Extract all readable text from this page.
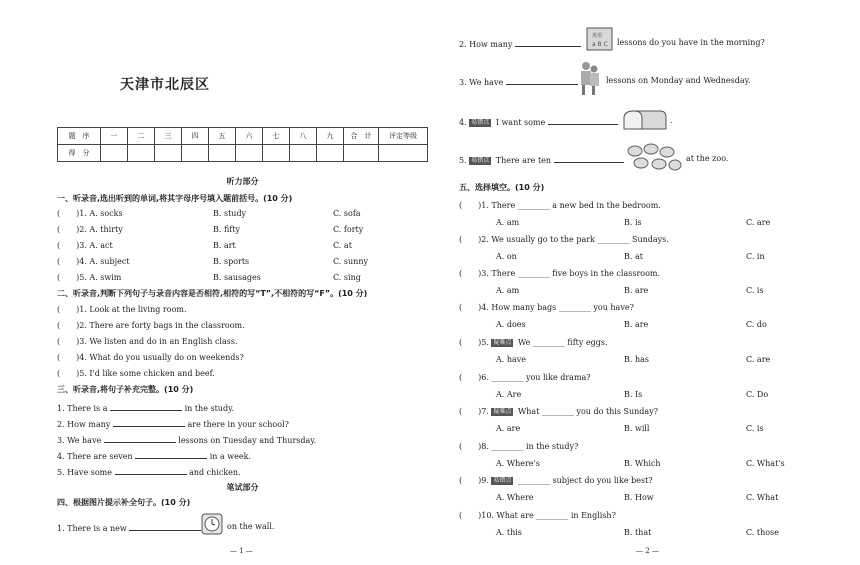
天津市北辰区
题　序	一	二	三	四	五	六	七	八	九	合　计	评定等级
得　分											
听力部分
一、听录音,选出听到的单词,将其字母序号填入题前括号。(10 分)
(　　)1. A. socks	B. study	C. sofa
(　　)2. A. thirty	B. fifty	C. forty
(　　)3. A. act	B. art	C. at
(　　)4. A. subject	B. sports	C. sunny
(　　)5. A. swim	B. sausages	C. sing
二、听录音,判断下列句子与录音内容是否相符,相符的写“T”,不相符的写“F”。(10 分)
(　　)1. Look at the living room.
(　　)2. There are forty bags in the classroom.
(　　)3. We listen and do in an English class.
(　　)4. What do you usually do on weekends?
(　　)5. I'd like some chicken and beef.
三、听录音,将句子补充完整。(10 分)
1. There is a	in the study.
2. How many	are there in your school?
3. We have	lessons on Tuesday and Thursday.
4. There are seven	in a week.
5. Have some	and chicken.
笔试部分
四、根据图片提示补全句子。(10 分)
1. There is a new	on the wall.
— 1 —
2. How many
英语
a B C lessons do you have in the morning?
3. We have	lessons on Monday and Wednesday.
4. 易错点 I want some	.
5. 易错点 There are ten	at the zoo.
五、选择填空。(10 分)
(　　)1. There ________ a new bed in the bedroom.
A. am	B. is	C. are
(　　)2. We usually go to the park ________ Sundays.
A. on	B. at	C. in
(　　)3. There ________ five boys in the classroom.
A. am	B. are	C. is
(　　)4. How many bags ________ you have?
A. does	B. are	C. do
(　　)5. 疑难点 We ________ fifty eggs.
A. have	B. has	C. are
(　　)6. ________ you like drama?
A. Are	B. Is	C. Do
(　　)7. 疑难点 What ________ you do this Sunday?
A. are	B. will	C. is
(　　)8. ________ in the study?
A. Where's	B. Which	C. What's
(　　)9. 易错点 ________ subject do you like best?
A. Where	B. How	C. What
(　　)10. What are ________ in English?
A. this	B. that	C. those
— 2 —
